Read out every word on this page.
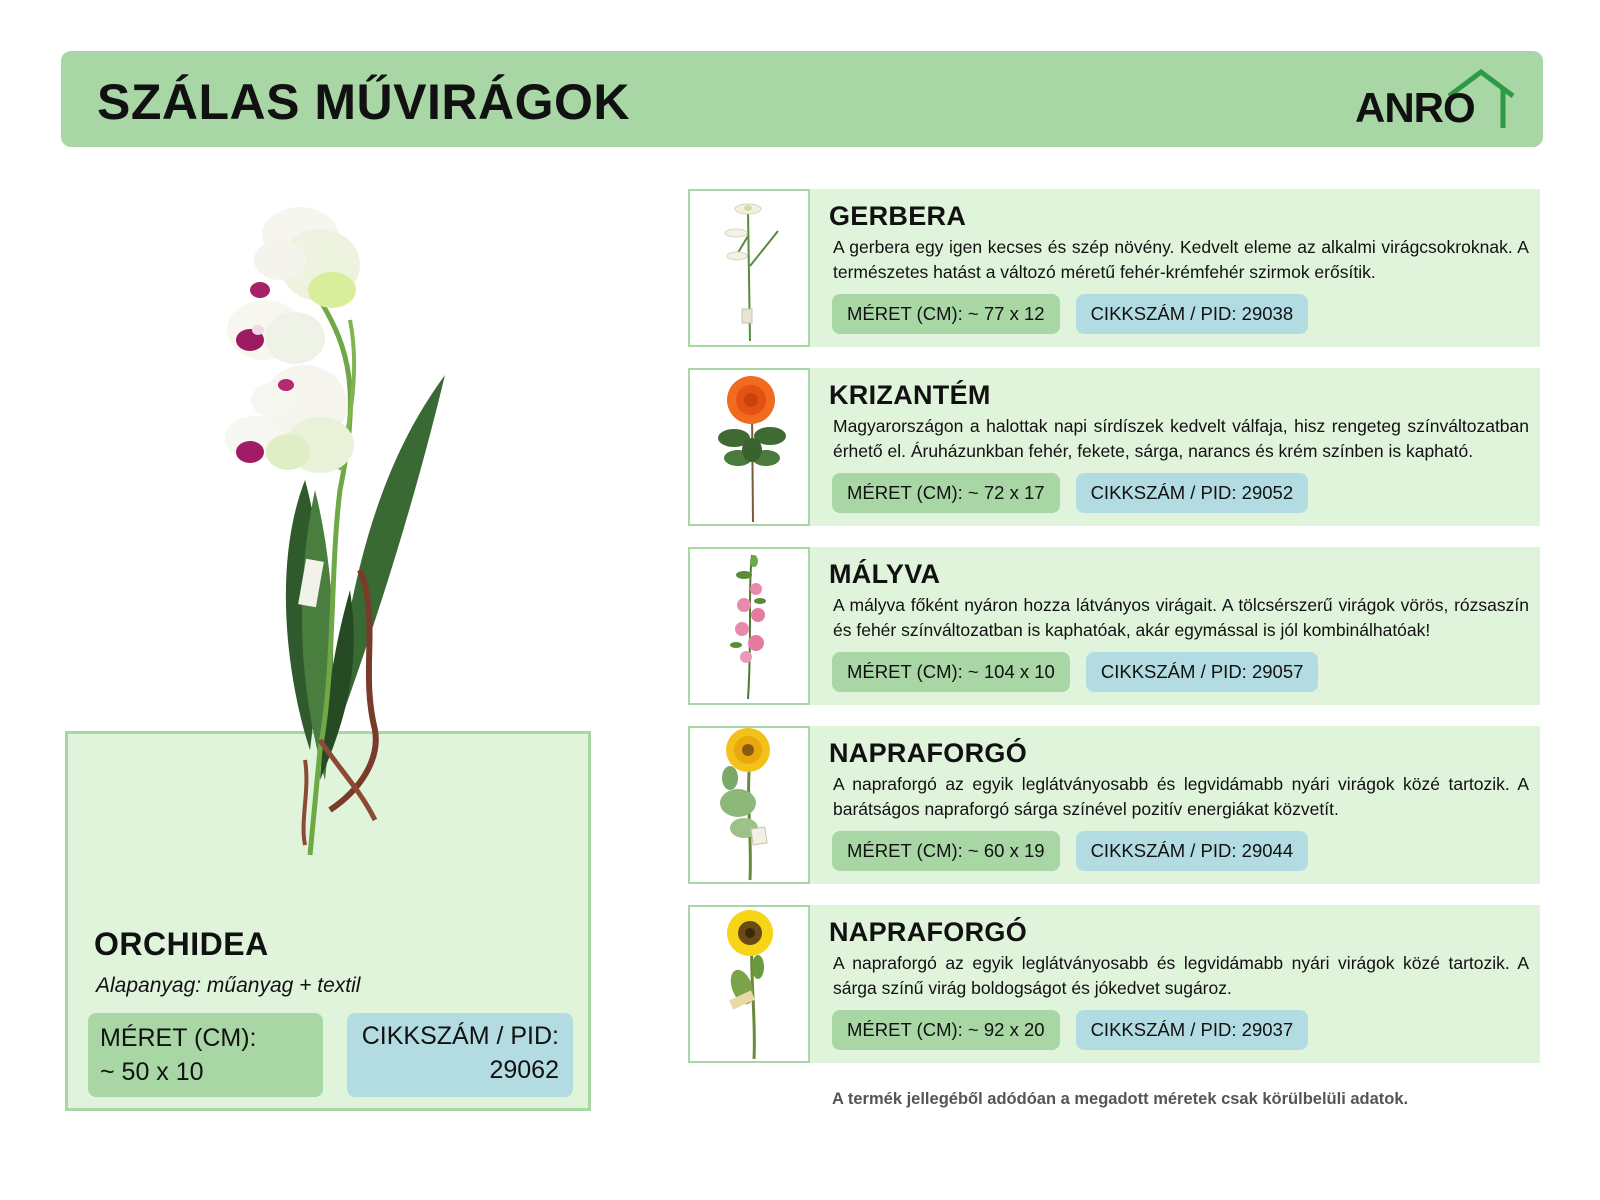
SZÁLAS MŰVIRÁGOK	ANRO
ORCHIDEA
Alapanyag: műanyag + textil
MÉRET (CM):
~ 50 x 10
CIKKSZÁM / PID:
29062
GERBERA
A gerbera egy igen kecses és szép növény. Kedvelt eleme az alkalmi virágcsokroknak. A természetes hatást a változó méretű fehér-krémfehér szirmok erősítik.
MÉRET (CM): ~ 77 x 12	CIKKSZÁM / PID: 29038
KRIZANTÉM
Magyarországon a halottak napi sírdíszek kedvelt válfaja, hisz rengeteg színváltozatban érhető el. Áruházunkban fehér, fekete, sárga, narancs és krém színben is kapható.
MÉRET (CM): ~ 72 x 17	CIKKSZÁM / PID: 29052
MÁLYVA
A mályva főként nyáron hozza látványos virágait. A tölcsérszerű virágok vörös, rózsaszín és fehér színváltozatban is kaphatóak, akár egymással is jól kombinálhatóak!
MÉRET (CM): ~ 104 x 10	CIKKSZÁM / PID: 29057
NAPRAFORGÓ
A napraforgó az egyik leglátványosabb és legvidámabb nyári virágok közé tartozik. A barátságos napraforgó sárga színével pozitív energiákat közvetít.
MÉRET (CM): ~ 60 x 19	CIKKSZÁM / PID: 29044
NAPRAFORGÓ
A napraforgó az egyik leglátványosabb és legvidámabb nyári virágok közé tartozik. A sárga színű virág boldogságot és jókedvet sugároz.
MÉRET (CM): ~ 92 x 20	CIKKSZÁM / PID: 29037
A termék jellegéből adódóan a megadott méretek csak körülbelüli adatok.
